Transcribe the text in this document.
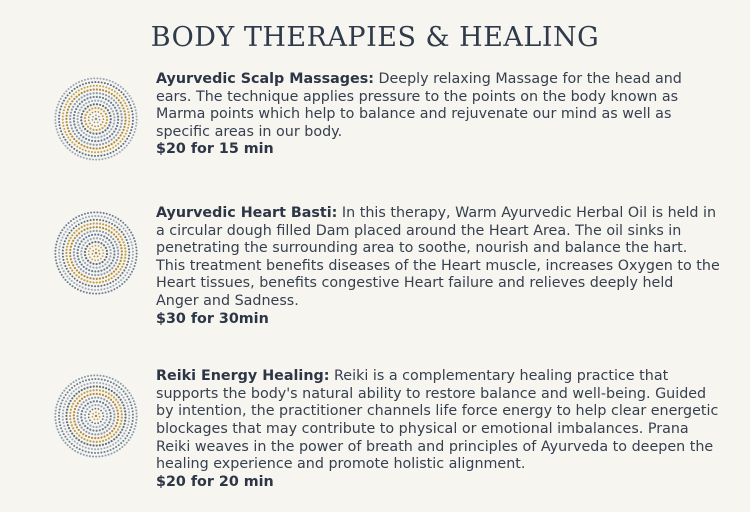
BODY THERAPIES & HEALING
Ayurvedic Scalp Massages: Deeply relaxing Massage for the head and ears. The technique applies pressure to the points on the body known as Marma points which help to balance and rejuvenate our mind as well as specific areas in our body.
$20 for 15 min
Ayurvedic Heart Basti: In this therapy, Warm Ayurvedic Herbal Oil is held in a circular dough filled Dam placed around the Heart Area. The oil sinks in penetrating the surrounding area to soothe, nourish and balance the hart. This treatment benefits diseases of the Heart muscle, increases Oxygen to the Heart tissues, benefits congestive Heart failure and relieves deeply held Anger and Sadness.
$30 for 30min
Reiki Energy Healing: Reiki is a complementary healing practice that supports the body's natural ability to restore balance and well-being. Guided by intention, the practitioner channels life force energy to help clear energetic blockages that may contribute to physical or emotional imbalances. Prana Reiki weaves in the power of breath and principles of Ayurveda to deepen the healing experience and promote holistic alignment.
$20 for 20 min
